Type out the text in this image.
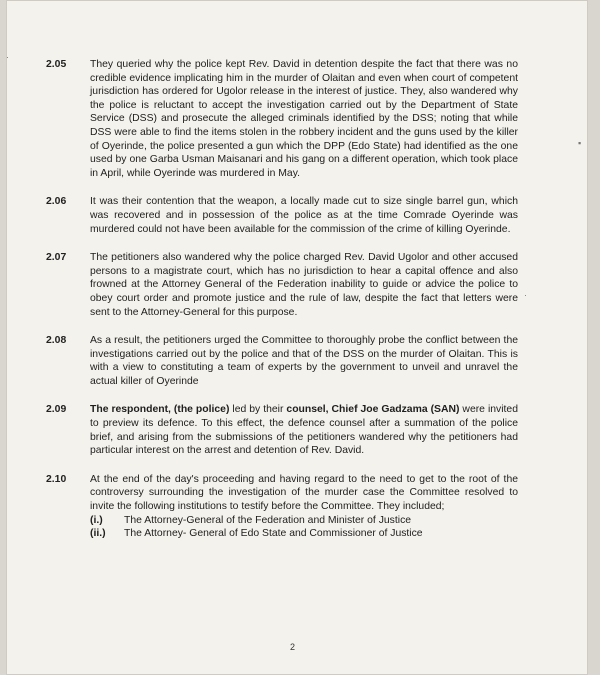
·
▪
·
2.05	They queried why the police kept Rev. David in detention despite the fact that there was no credible evidence implicating him in the murder of Olaitan and even when court of competent jurisdiction has ordered for Ugolor release in the interest of justice. They, also wandered why the police is reluctant to accept the investigation carried out by the Department of State Service (DSS) and prosecute the alleged criminals identified by the DSS; noting that while DSS were able to find the items stolen in the robbery incident and the guns used by the killer of Oyerinde, the police presented a gun which the DPP (Edo State) had identified as the one used by one Garba Usman Maisanari and his gang on a different operation, which took place in April, while Oyerinde was murdered in May.
2.06	It was their contention that the weapon, a locally made cut to size single barrel gun, which was recovered and in possession of the police as at the time Comrade Oyerinde was murdered could not have been available for the commission of the crime of killing Oyerinde.
2.07	The petitioners also wandered why the police charged Rev. David Ugolor and other accused persons to a magistrate court, which has no jurisdiction to hear a capital offence and also frowned at the Attorney General of the Federation inability to guide or advice the police to obey court order and promote justice and the rule of law, despite the fact that letters were sent to the Attorney-General for this purpose.
2.08	As a result, the petitioners urged the Committee to thoroughly probe the conflict between the investigations carried out by the police and that of the DSS on the murder of Olaitan. This is with a view to constituting a team of experts by the government to unveil and unravel the actual killer of Oyerinde
2.09	The respondent, (the police) led by their counsel, Chief Joe Gadzama (SAN) were invited to preview its defence. To this effect, the defence counsel after a summation of the police brief, and arising from the submissions of the petitioners wandered why the petitioners had particular interest on the arrest and detention of Rev. David.
2.10	At the end of the day's proceeding and having regard to the need to get to the root of the controversy surrounding the investigation of the murder case the Committee resolved to invite the following institutions to testify before the Committee. They included;
(i.)	The Attorney-General of the Federation and Minister of Justice
(ii.)	The Attorney- General of Edo State and Commissioner of Justice
2
